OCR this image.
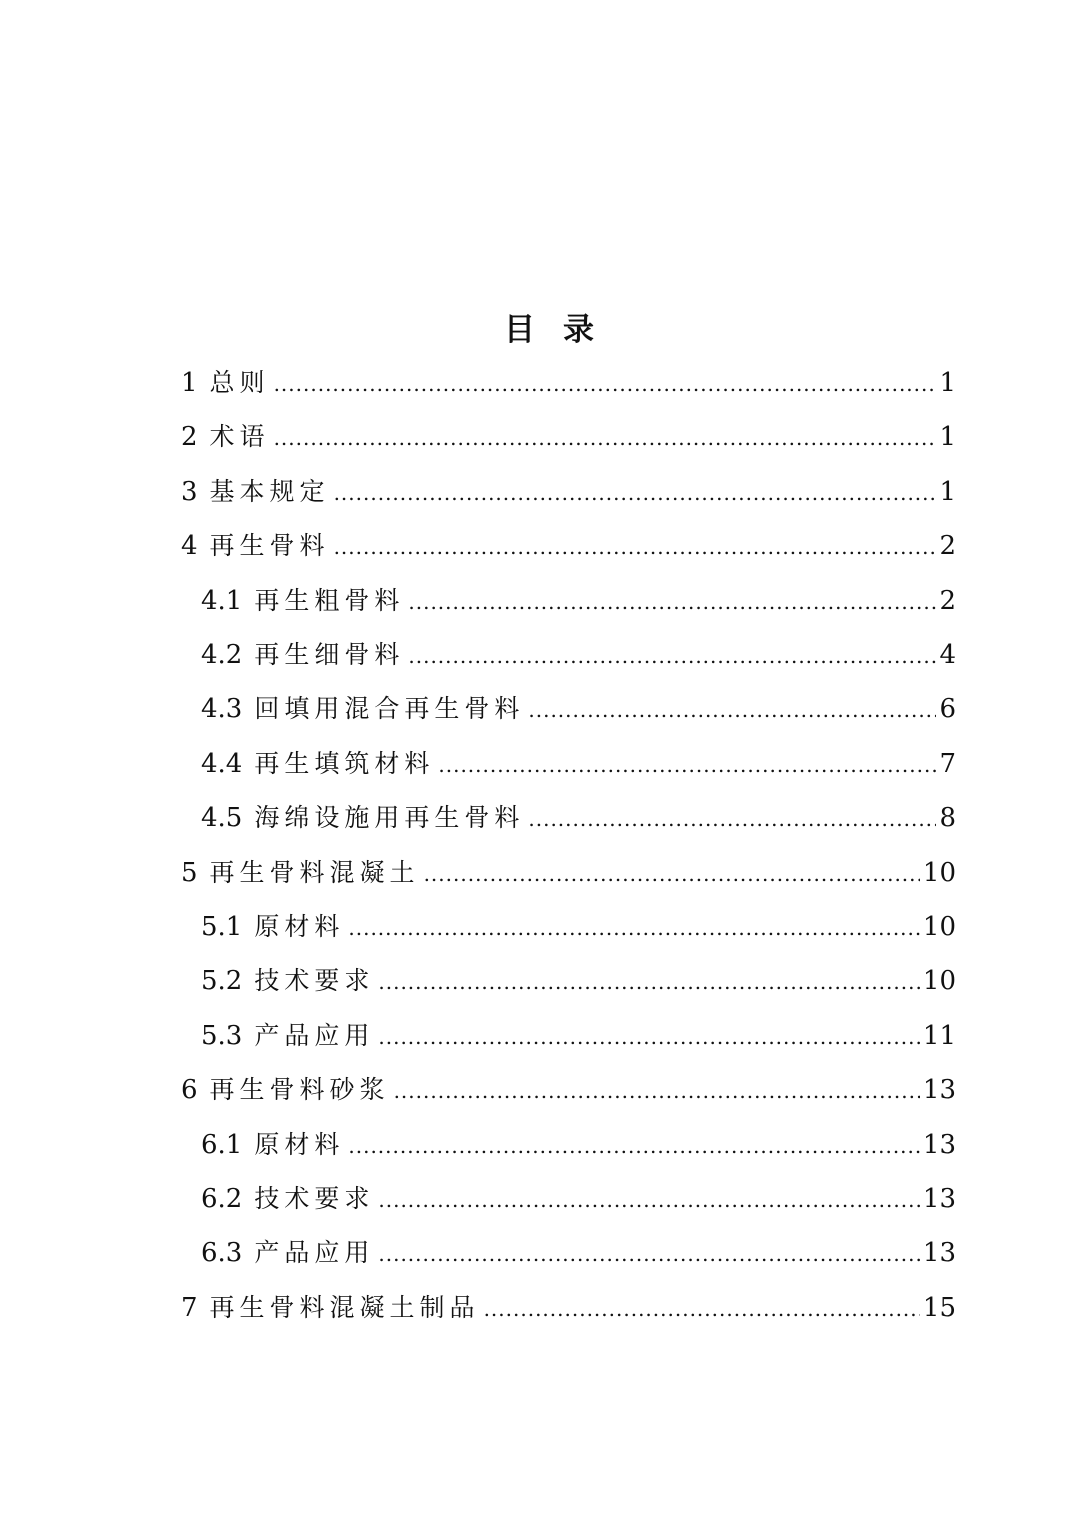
目 录
1 总则 .....	1
2 术语 .....	1
3 基本规定 .....	1
4 再生骨料 .....	2
4.1 再生粗骨料 .....	2
4.2 再生细骨料 .....	4
4.3 回填用混合再生骨料 .....	6
4.4 再生填筑材料 .....	7
4.5 海绵设施用再生骨料 .....	8
5 再生骨料混凝土 .....	10
5.1 原材料 .....	10
5.2 技术要求 .....	10
5.3 产品应用 .....	11
6 再生骨料砂浆 .....	13
6.1 原材料 .....	13
6.2 技术要求 .....	13
6.3 产品应用 .....	13
7 再生骨料混凝土制品 .....	15
